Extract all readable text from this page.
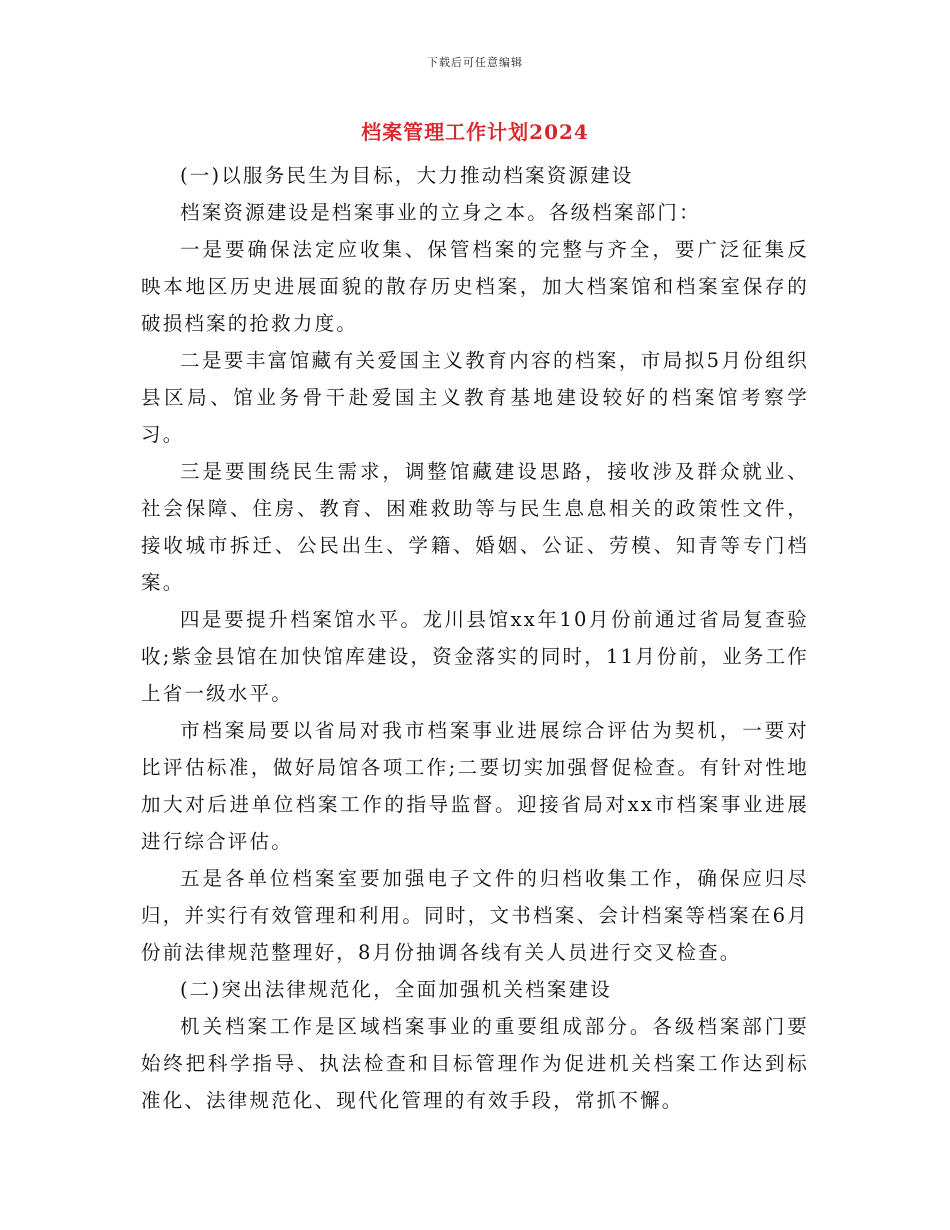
下载后可任意编辑
档案管理工作计划2024

(一)以服务民生为目标，大力推动档案资源建设

档案资源建设是档案事业的立身之本。各级档案部门：

一是要确保法定应收集、保管档案的完整与齐全，要广泛征集反映本地区历史进展面貌的散存历史档案，加大档案馆和档案室保存的破损档案的抢救力度。

二是要丰富馆藏有关爱国主义教育内容的档案，市局拟5月份组织县区局、馆业务骨干赴爱国主义教育基地建设较好的档案馆考察学习。

三是要围绕民生需求，调整馆藏建设思路，接收涉及群众就业、社会保障、住房、教育、困难救助等与民生息息相关的政策性文件，接收城市拆迁、公民出生、学籍、婚姻、公证、劳模、知青等专门档案。

四是要提升档案馆水平。龙川县馆xx年10月份前通过省局复查验收;紫金县馆在加快馆库建设，资金落实的同时，11月份前，业务工作上省一级水平。

市档案局要以省局对我市档案事业进展综合评估为契机，一要对比评估标准，做好局馆各项工作;二要切实加强督促检查。有针对性地加大对后进单位档案工作的指导监督。迎接省局对xx市档案事业进展进行综合评估。

五是各单位档案室要加强电子文件的归档收集工作，确保应归尽归，并实行有效管理和利用。同时，文书档案、会计档案等档案在6月份前法律规范整理好，8月份抽调各线有关人员进行交叉检查。

(二)突出法律规范化，全面加强机关档案建设

机关档案工作是区域档案事业的重要组成部分。各级档案部门要始终把科学指导、执法检查和目标管理作为促进机关档案工作达到标准化、法律规范化、现代化管理的有效手段，常抓不懈。
